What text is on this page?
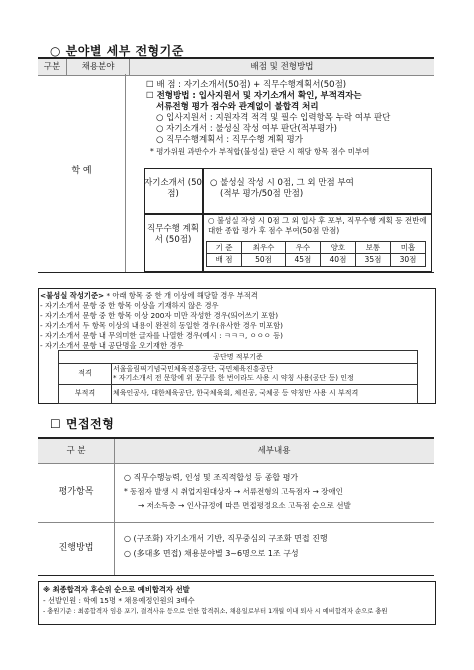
○ 분야별 세부 전형기준
구분	채용분야	배점 및 전형방법
학 예
☐ 배 점 : 자기소개서(50점) + 직무수행계획서(50점)
☐ 전형방법 : 입사지원서 및 자기소개서 확인, 부적격자는
서류전형 평가 점수와 관계없이 불합격 처리
○ 입사지원서 : 지원자격 적격 및 필수 입력항목 누락 여부 판단
○ 자기소개서 : 불성실 작성 여부 판단(적부평가)
○ 직무수행계획서 : 직무수행 계획 평가
* 평가위원 과반수가 부적합(불성실) 판단 시 해당 항목 점수 미부여
자기소개서 (50점)
○ 불성실 작성 시 0점, 그 외 만점 부여
(적부 평가/50점 만점)
직무수행 계획서 (50점)
○ 불성실 작성 시 0점 그 외 입사 후 포부, 직무수행 계획 등 전반에 대한 종합 평가 후 점수 부여(50점 만점)
기 준	최우수	우수	양호	보통	미흡
배 점	50점	45점	40점	35점	30점
<불성실 작성기준> * 아래 항목 중 한 개 이상에 해당할 경우 부적격
- 자기소개서 문항 중 한 항목 이상을 기재하지 않은 경우
- 자기소개서 문항 중 한 항목 이상 200자 미만 작성한 경우(띄어쓰기 포함)
- 자기소개서 두 항목 이상의 내용이 완전히 동일한 경우(유사한 경우 미포함)
- 자기소개서 문항 내 무의미한 글자를 나열한 경우(예시 : ㅋㅋㅋ, ㅇㅇㅇ 등)
- 자기소개서 문항 내 공단명을 오기재한 경우
공단명 적부기준	
적격	서울올림픽기념국민체육진흥공단, 국민체육진흥공단
* 자기소개서 전 문항에 위 문구를 한 번이라도 사용 시 약칭 사용(공단 등) 인정

부적격	체육인공사, 대한체육공단, 한국체육회, 체진공, 국체공 등 약칭만 사용 시 부적격
☐ 면접전형
구 분	세부내용
평가항목
○ 직무수행능력, 인성 및 조직적합성 등 종합 평가
* 동점자 발생 시 취업지원대상자 → 서류전형의 고득점자 → 장애인
→ 저소득층 → 인사규정에 따른 면접평정요소 고득점 순으로 선발
진행방법
○ (구조화) 자기소개서 기반, 직무중심의 구조화 면접 진행
○ (多대多 면접) 채용분야별 3~6명으로 1조 구성
※ 최종합격자 후순위 순으로 예비합격자 선발
- 선발인원 : 학예 15명 * 채용예정인원의 3배수
- 충원기준 : 최종합격자 임용 포기, 결격사유 등으로 인한 합격취소, 채용일로부터 1개월 이내 퇴사 시 예비합격자 순으로 충원
